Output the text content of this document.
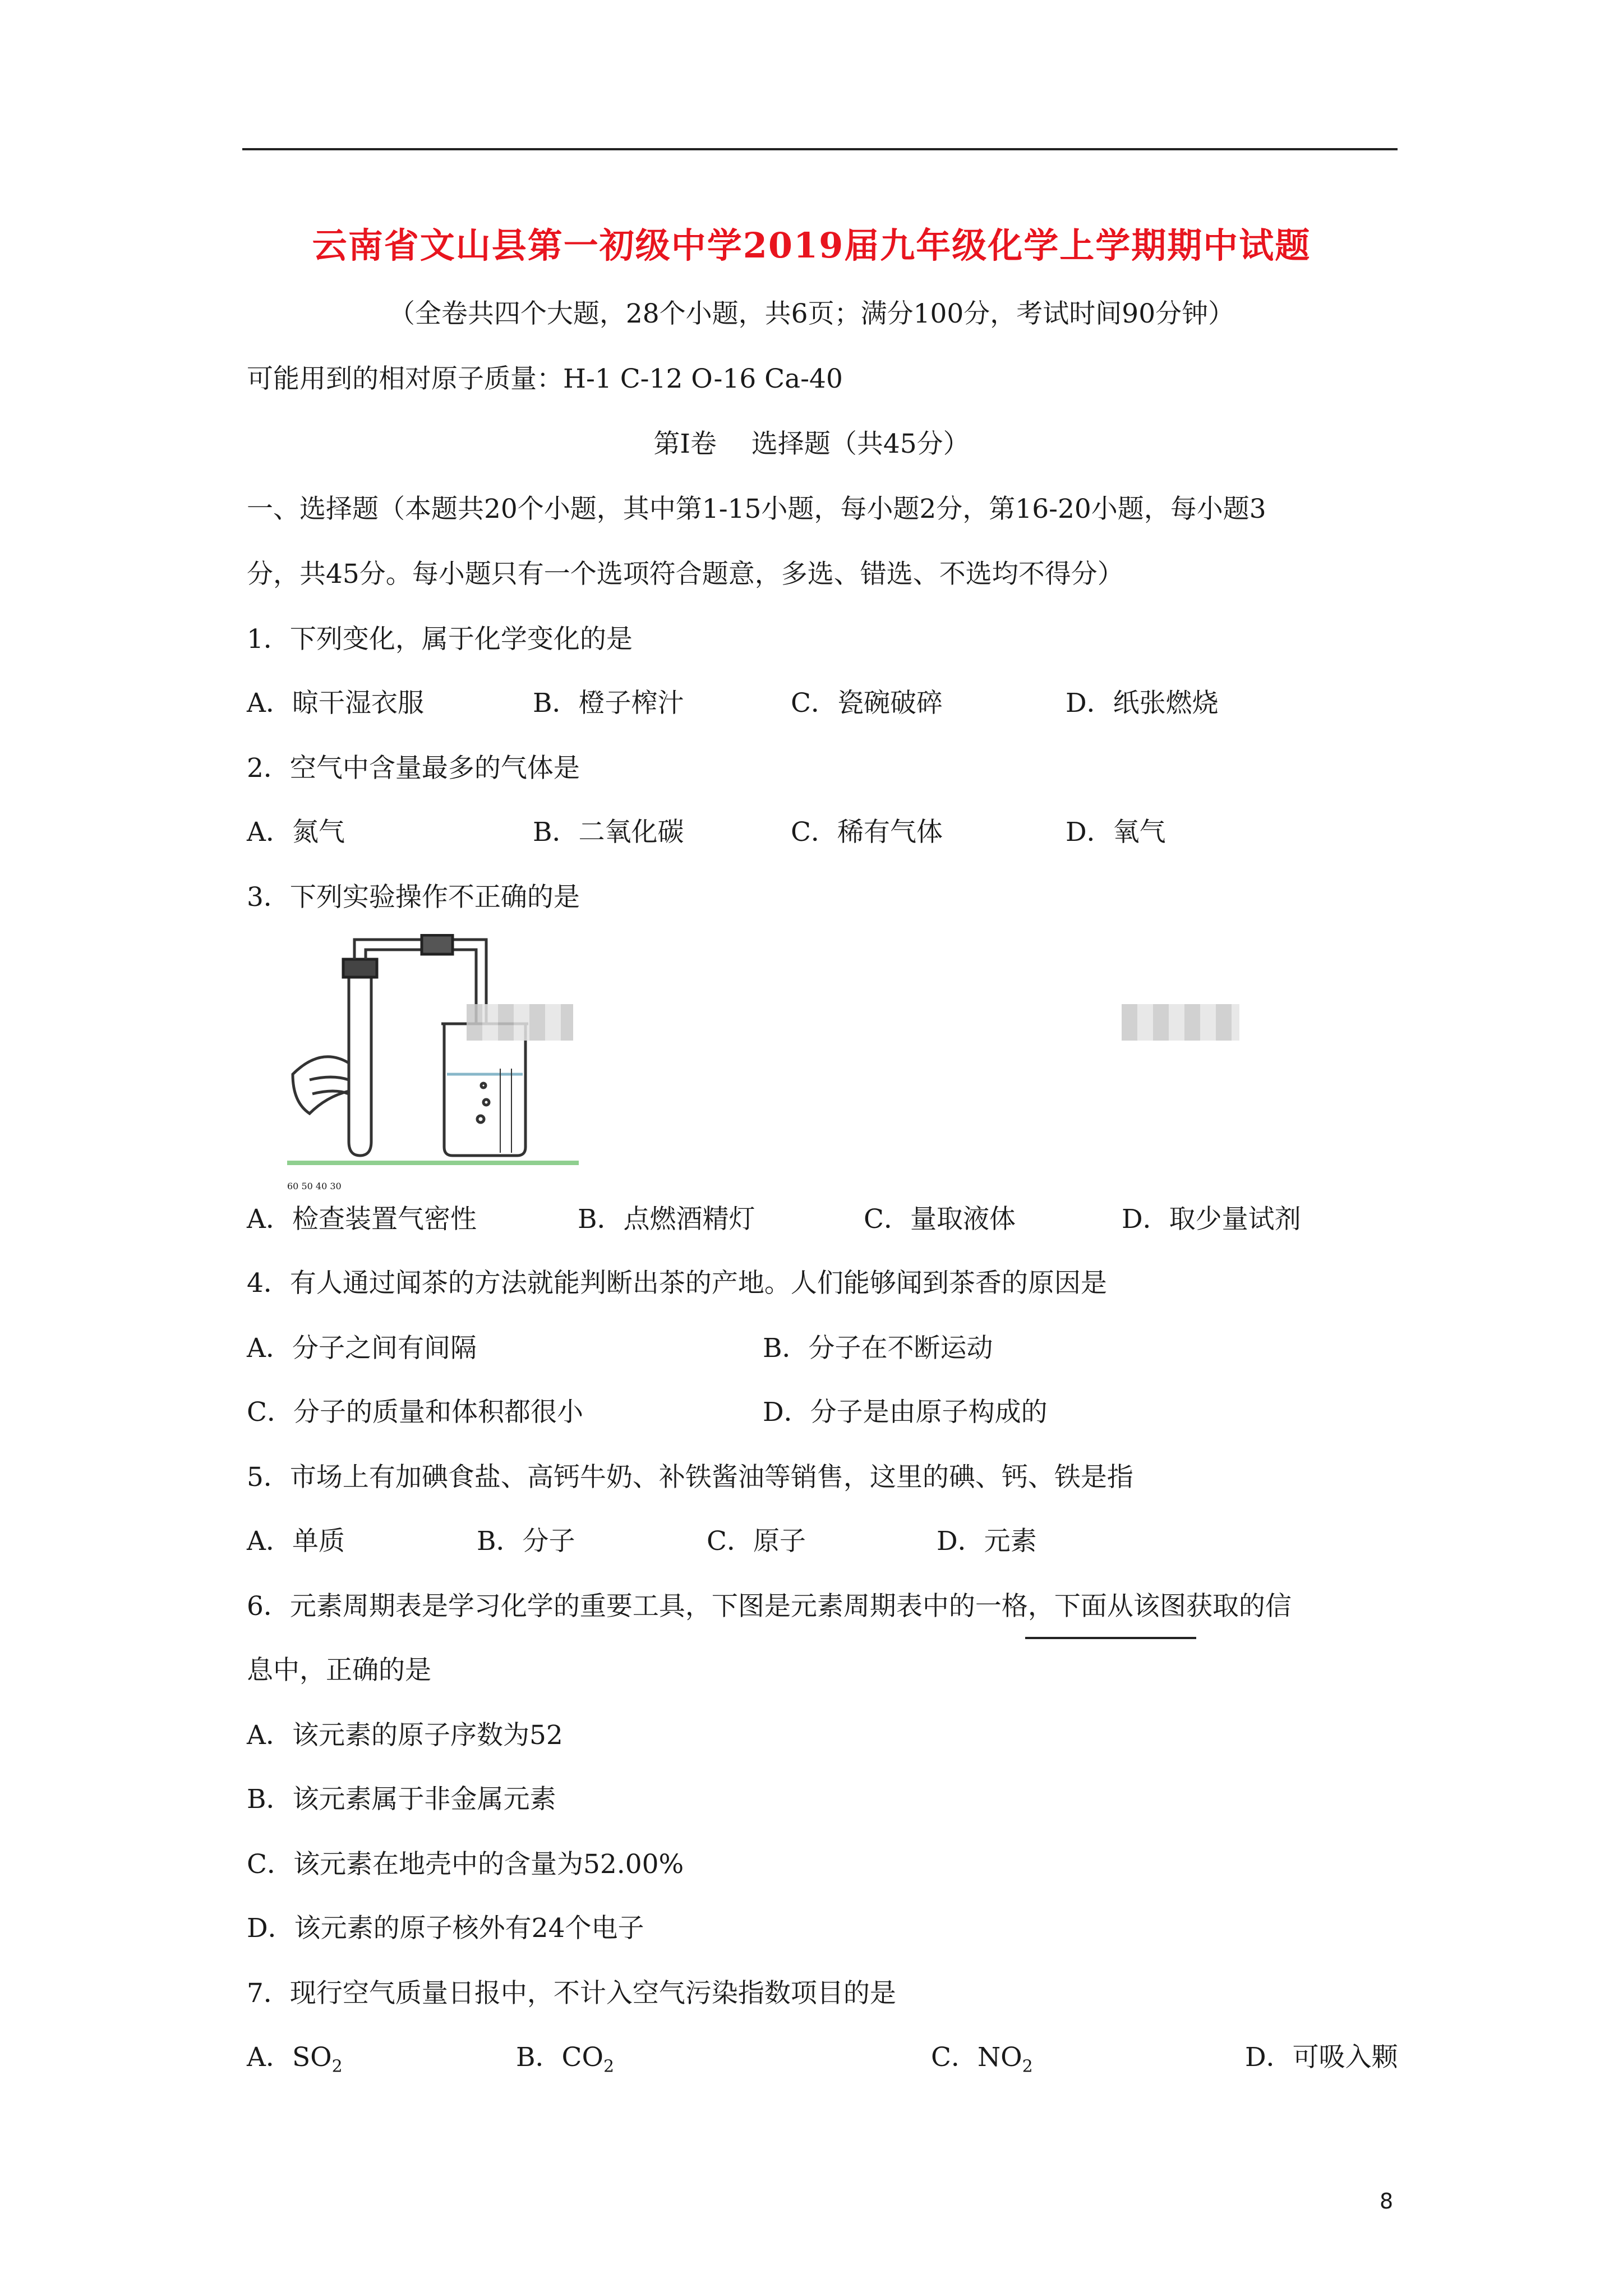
云南省文山县第一初级中学2019届九年级化学上学期期中试题
（全卷共四个大题，28个小题，共6页；满分100分，考试时间90分钟）
可能用到的相对原子质量：H-1 C-12 O-16 Ca-40
第Ⅰ卷　 选择题（共45分）
一、选择题（本题共20个小题，其中第1-15小题，每小题2分，第16-20小题，每小题3
分，共45分。每小题只有一个选项符合题意，多选、错选、不选均不得分）
1．下列变化，属于化学变化的是
A．晾干湿衣服	B．橙子榨汁	C．瓷碗破碎	D．纸张燃烧
2．空气中含量最多的气体是
A．氮气	B．二氧化碳	C．稀有气体	D．氧气
3．下列实验操作不正确的是
60 50 40 30
A．检查装置气密性	B．点燃酒精灯	C．量取液体	D．取少量试剂
4．有人通过闻茶的方法就能判断出茶的产地。人们能够闻到茶香的原因是
A．分子之间有间隔	B．分子在不断运动
C．分子的质量和体积都很小	D．分子是由原子构成的
5．市场上有加碘食盐、高钙牛奶、补铁酱油等销售，这里的碘、钙、铁是指
A．单质	B．分子	C．原子	D．元素
6．元素周期表是学习化学的重要工具，下图是元素周期表中的一格，下面从该图获取的信
息中，正确的是
A．该元素的原子序数为52
B．该元素属于非金属元素
C．该元素在地壳中的含量为52.00%
D．该元素的原子核外有24个电子
7．现行空气质量日报中，不计入空气污染指数项目的是
A．$SO_2$	B．$CO_2$	C．$NO_2$	D．可吸入颗
8
